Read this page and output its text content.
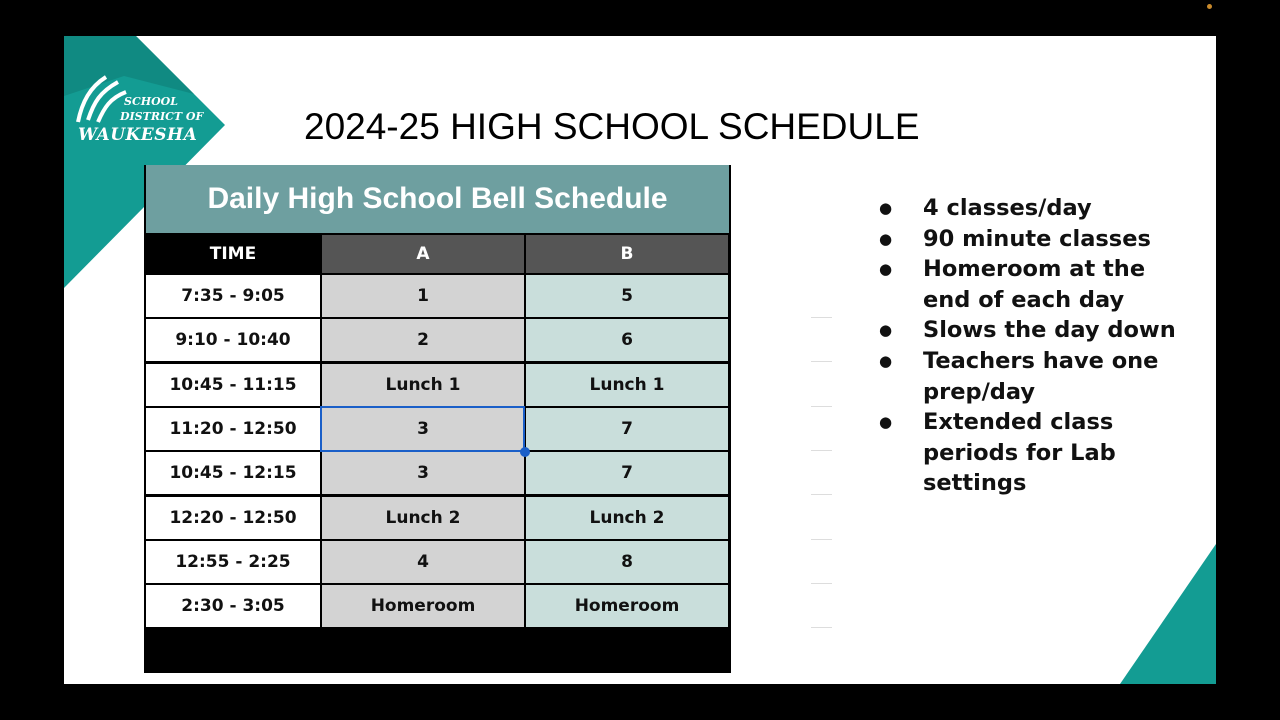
SCHOOL
DISTRICT OF
WAUKESHA	2024-25 HIGH SCHOOL SCHEDULE
Daily High School Bell Schedule
TIME	A	B
7:35 - 9:05	1	5
9:10 - 10:40	2	6
10:45 - 11:15	Lunch 1	Lunch 1
11:20 - 12:50	3	7
10:45 - 12:15	3	7
12:20 - 12:50	Lunch 2	Lunch 2
12:55 - 2:25	4	8
2:30 - 3:05	Homeroom	Homeroom
● 4 classes/day
● 90 minute classes
● Homeroom at the end of each day
● Slows the day down
● Teachers have one prep/day
● Extended class periods for Lab settings
